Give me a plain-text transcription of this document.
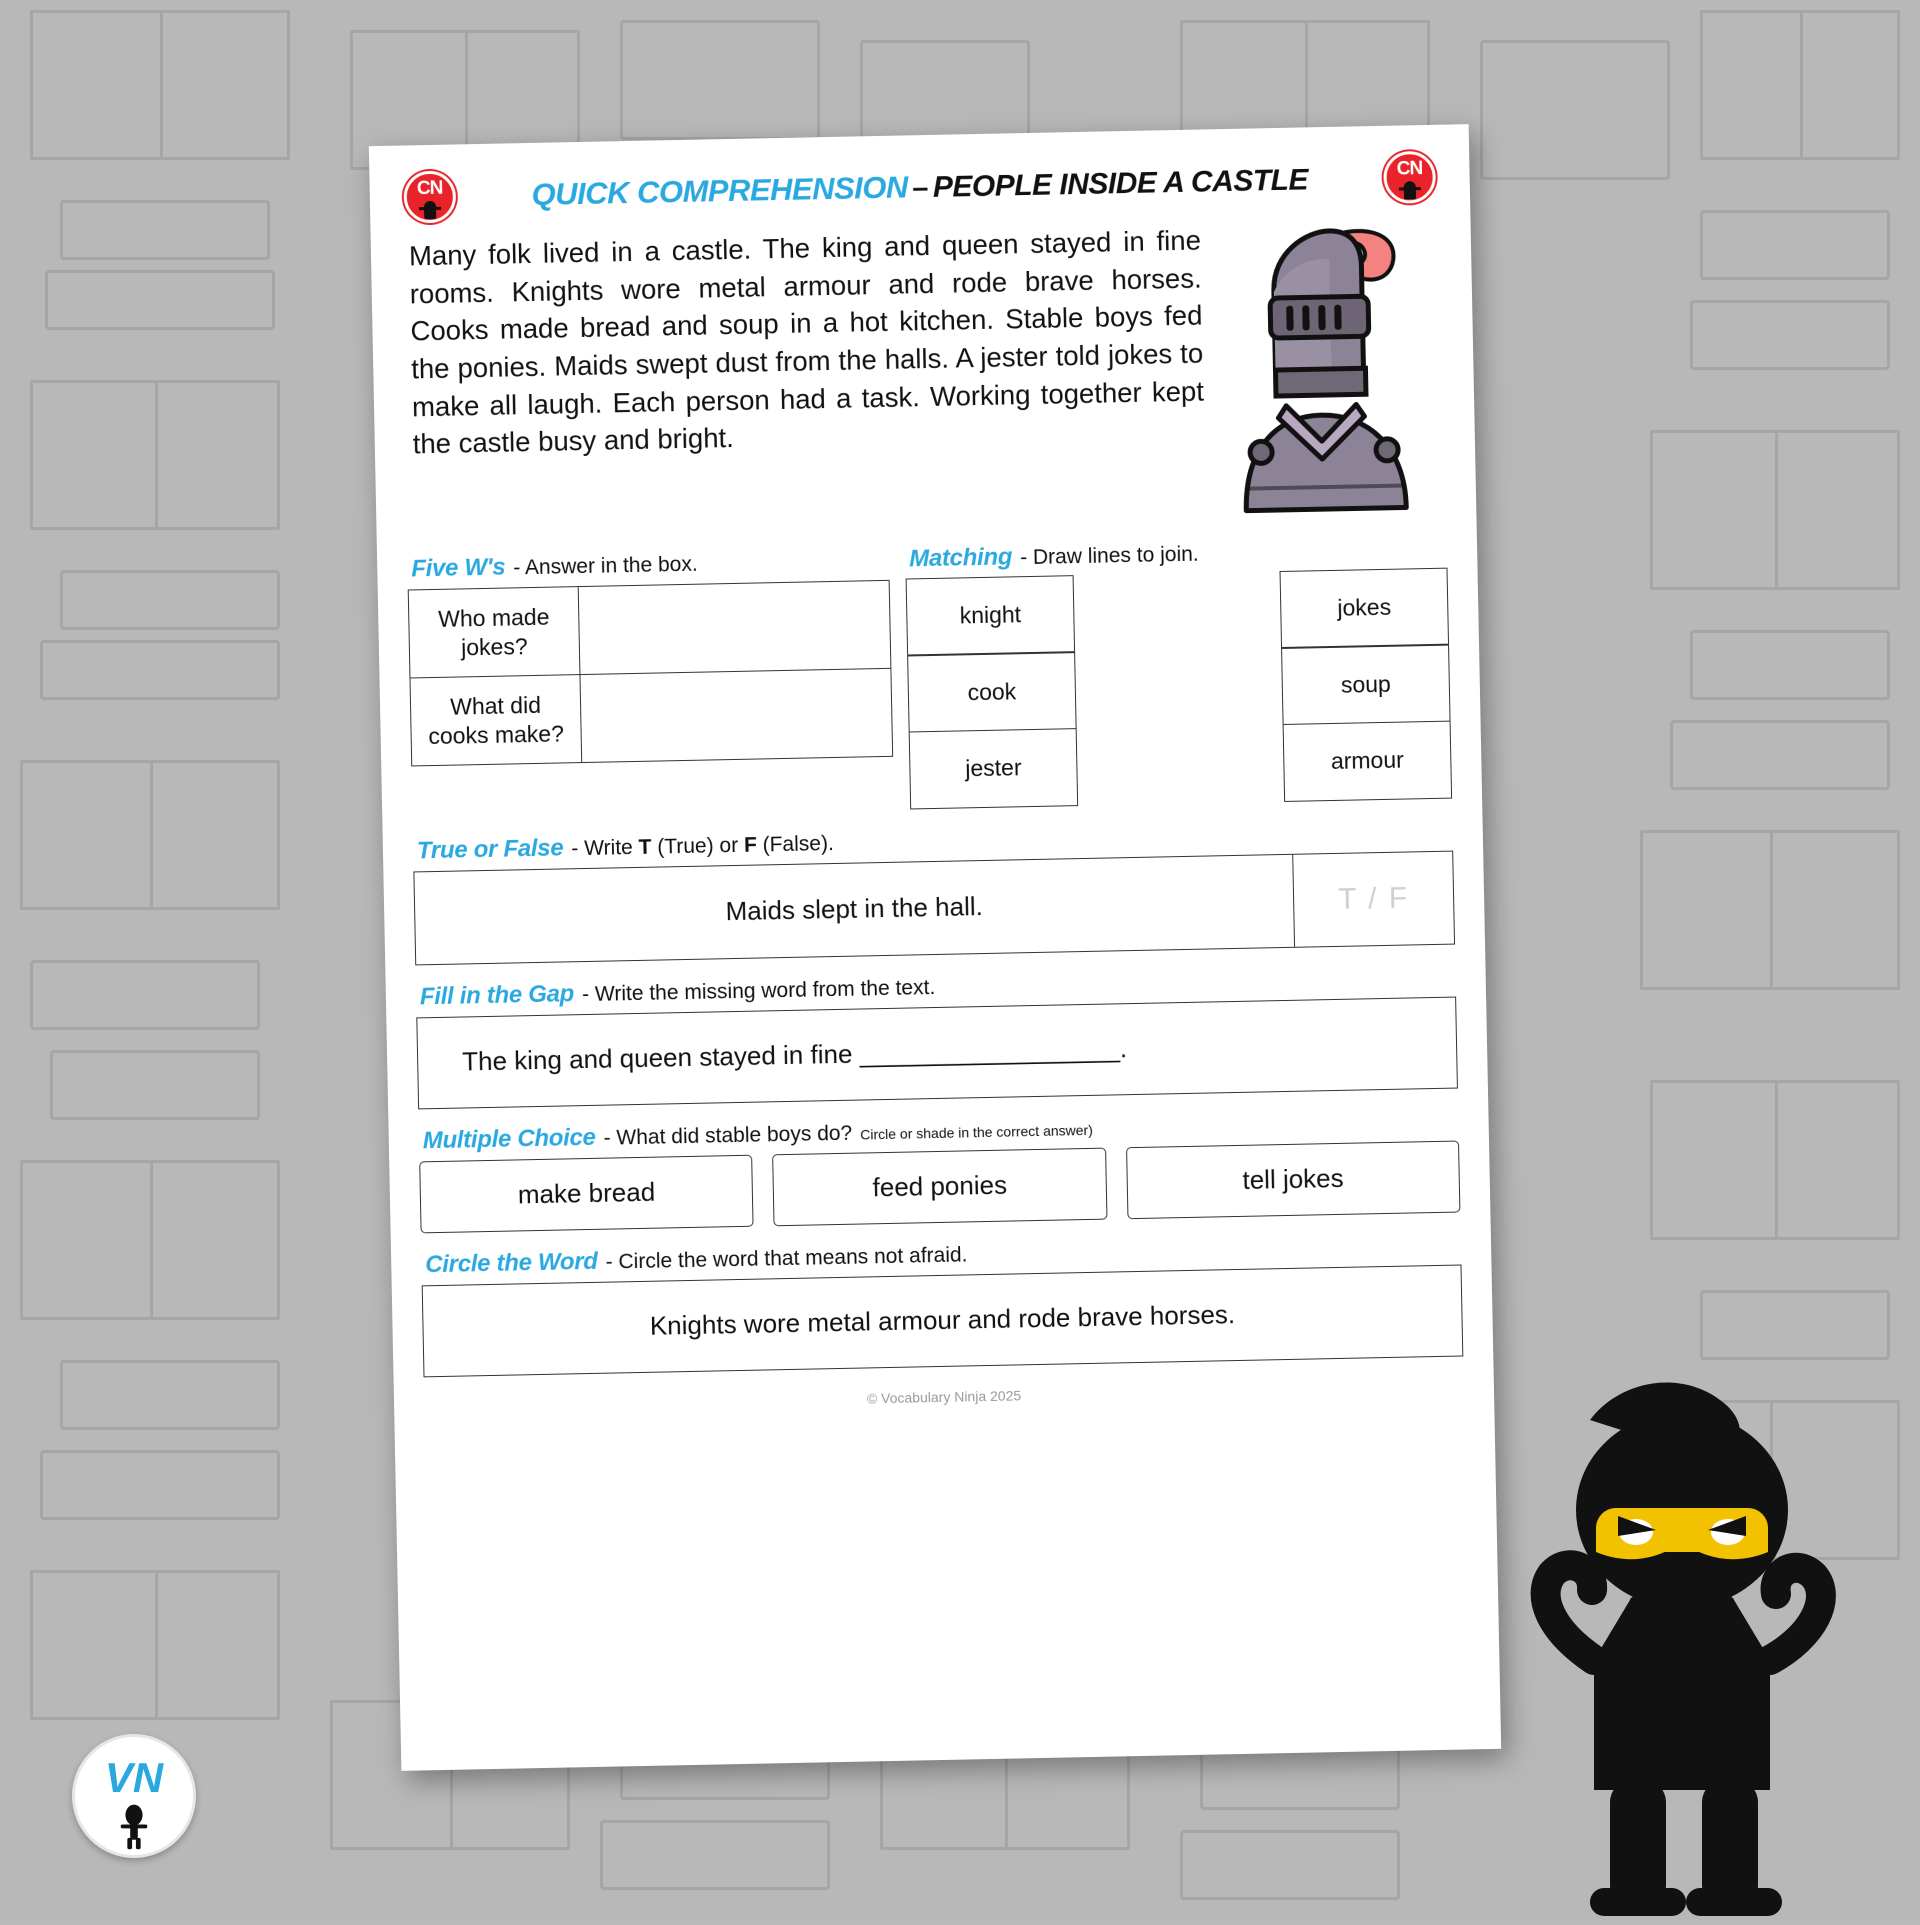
CN	QUICK COMPREHENSION – PEOPLE INSIDE A CASTLE	CN
Many folk lived in a castle. The king and queen stayed in fine rooms. Knights wore metal armour and rode brave horses. Cooks made bread and soup in a hot kitchen. Stable boys fed the ponies. Maids swept dust from the halls. A jester told jokes to make all laugh. Each person had a task. Working together kept the castle busy and bright.
Five W's - Answer in the box.
Who made jokes?	
What did cooks make?	
Matching - Draw lines to join.
knight
cook
jester
jokes
soup
armour
True or False - Write T (True) or F (False).
Maids slept in the hall.	T / F
Fill in the Gap - Write the missing word from the text.
The king and queen stayed in fine __________________.
Multiple Choice - What did stable boys do? Circle or shade in the correct answer)
make bread	feed ponies	tell jokes
Circle the Word - Circle the word that means not afraid.
Knights wore metal armour and rode brave horses.
© Vocabulary Ninja 2025
VN
